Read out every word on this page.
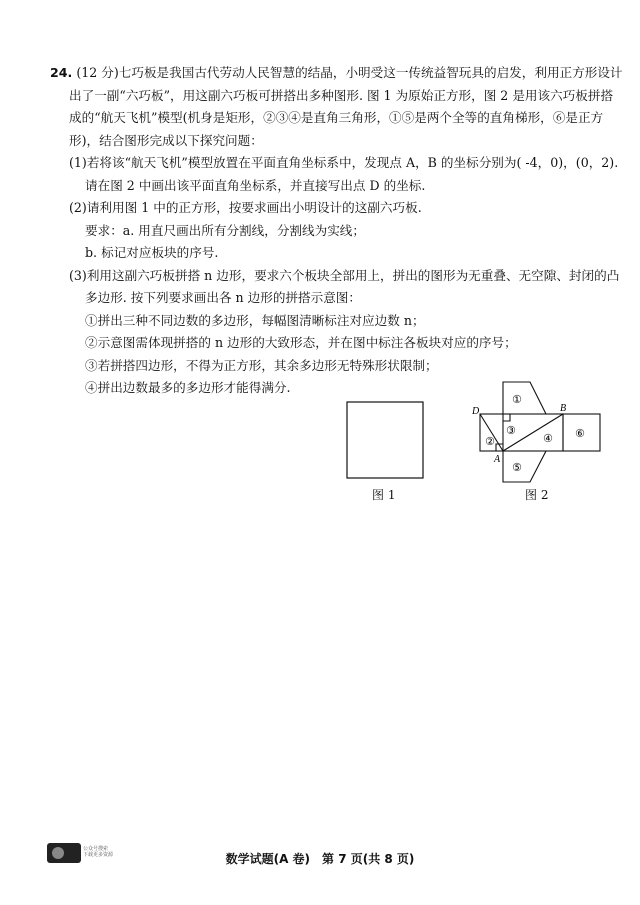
24. (12 分)七巧板是我国古代劳动人民智慧的结晶，小明受这一传统益智玩具的启发，利用正方形设计
出了一副“六巧板”，用这副六巧板可拼搭出多种图形. 图 1 为原始正方形，图 2 是用该六巧板拼搭
成的“航天飞机”模型(机身是矩形，②③④是直角三角形，①⑤是两个全等的直角梯形，⑥是正方
形)，结合图形完成以下探究问题：
(1)若将该“航天飞机”模型放置在平面直角坐标系中，发现点 A，B 的坐标分别为( -4，0)，(0，2).
请在图 2 中画出该平面直角坐标系，并直接写出点 D 的坐标.
(2)请利用图 1 中的正方形，按要求画出小明设计的这副六巧板.
要求：a. 用直尺画出所有分割线，分割线为实线；
b. 标记对应板块的序号.
(3)利用这副六巧板拼搭 n 边形，要求六个板块全部用上，拼出的图形为无重叠、无空隙、封闭的凸
多边形. 按下列要求画出各 n 边形的拼搭示意图：
①拼出三种不同边数的多边形，每幅图清晰标注对应边数 n；
②示意图需体现拼搭的 n 边形的大致形态，并在图中标注各板块对应的序号；
③若拼搭四边形，不得为正方形，其余多边形无特殊形状限制；
④拼出边数最多的多边形才能得满分.
D	B
A
①
②
③
④
⑤
⑥
图 1	图 2
公众号搜索 下载更多资源	数学试题(A 卷)　第 7 页(共 8 页)
